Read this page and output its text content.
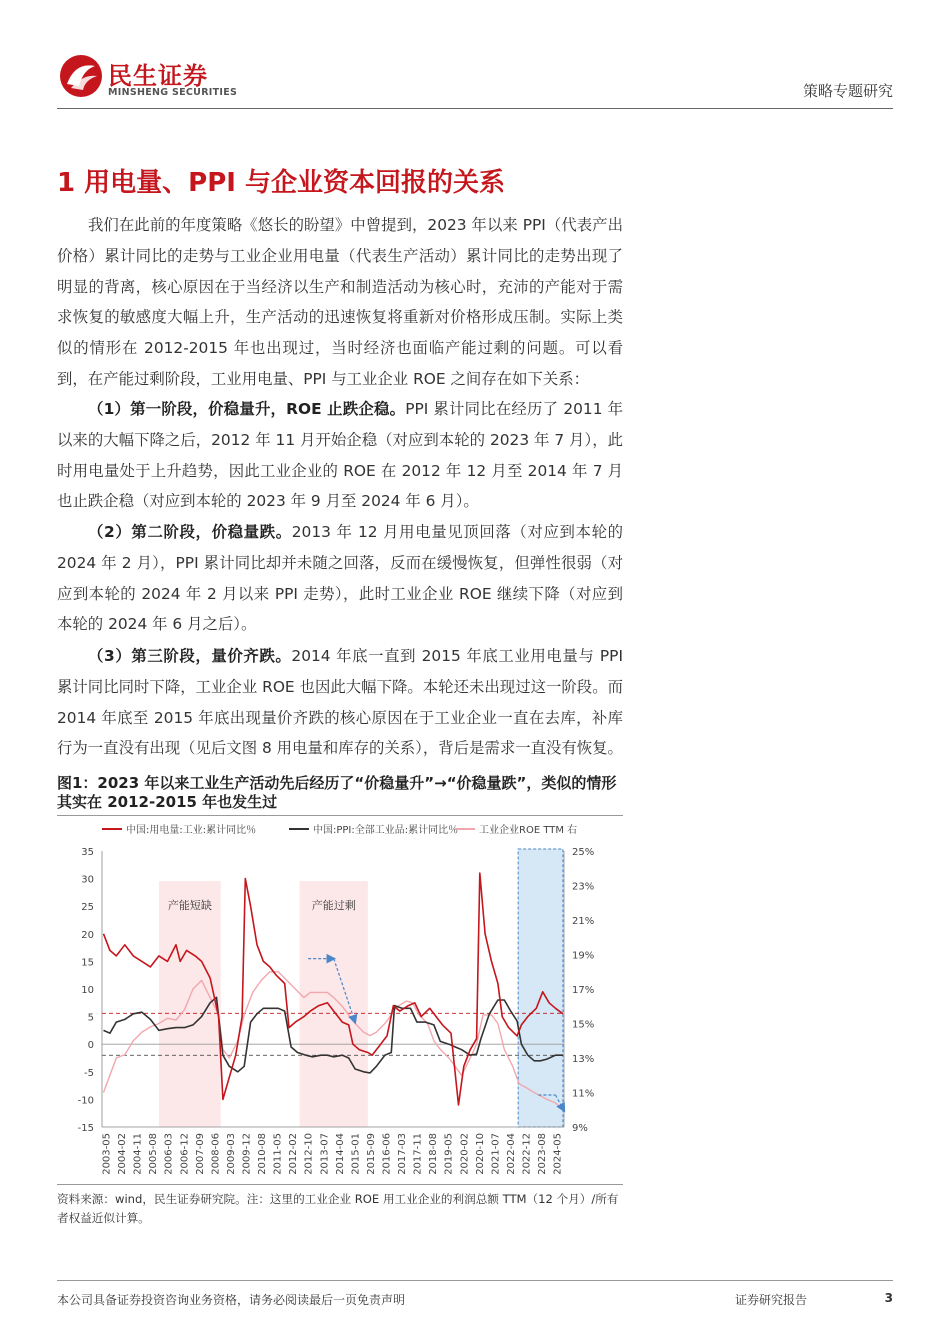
民生证券
MINSHENG SECURITIES	策略专题研究
1 用电量、PPI 与企业资本回报的关系

我们在此前的年度策略《悠长的盼望》中曾提到，2023 年以来 PPI（代表产出价格）累计同比的走势与工业企业用电量（代表生产活动）累计同比的走势出现了明显的背离，核心原因在于当经济以生产和制造活动为核心时，充沛的产能对于需求恢复的敏感度大幅上升，生产活动的迅速恢复将重新对价格形成压制。实际上类似的情形在 2012-2015 年也出现过，当时经济也面临产能过剩的问题。可以看到，在产能过剩阶段，工业用电量、PPI 与工业企业 ROE 之间存在如下关系：

（1）第一阶段，价稳量升，ROE 止跌企稳。PPI 累计同比在经历了 2011 年以来的大幅下降之后，2012 年 11 月开始企稳（对应到本轮的 2023 年 7 月），此时用电量处于上升趋势，因此工业企业的 ROE 在 2012 年 12 月至 2014 年 7 月也止跌企稳（对应到本轮的 2023 年 9 月至 2024 年 6 月）。

（2）第二阶段，价稳量跌。2013 年 12 月用电量见顶回落（对应到本轮的 2024 年 2 月），PPI 累计同比却并未随之回落，反而在缓慢恢复，但弹性很弱（对应到本轮的 2024 年 2 月以来 PPI 走势），此时工业企业 ROE 继续下降（对应到本轮的 2024 年 6 月之后）。

（3）第三阶段，量价齐跌。2014 年底一直到 2015 年底工业用电量与 PPI 累计同比同时下降，工业企业 ROE 也因此大幅下降。本轮还未出现过这一阶段。而 2014 年底至 2015 年底出现量价齐跌的核心原因在于工业企业一直在去库，补库行为一直没有出现（见后文图 8 用电量和库存的关系），背后是需求一直没有恢复。

图1：2023 年以来工业生产活动先后经历了“价稳量升”→“价稳量跌”，类似的情形其实在 2012-2015 年也发生过
产能短缺	产能过剩
35
30
25
20
15
10
5
0
-5
-10
-15
25%
23%
21%
19%
17%
15%
13%
11%
9%
2003-05 2004-02 2004-11 2005-08 2006-03 2006-12 2007-09 2008-06 2009-03 2009-12 2010-08 2011-05 2012-02 2012-10 2013-07 2014-04 2015-01 2015-09 2016-06 2017-03 2017-11 2018-08 2019-05 2020-02 2020-10 2021-07 2022-04 2022-12 2023-08 2024-05
中国:用电量:工业:累计同比％	中国:PPI:全部工业品:累计同比％ 工业企业ROE TTM 右
资料来源：wind，民生证券研究院。注：这里的工业企业 ROE 用工业企业的利润总额 TTM（12 个月）/所有者权益近似计算。
本公司具备证券投资咨询业务资格，请务必阅读最后一页免责声明	证券研究报告	3
